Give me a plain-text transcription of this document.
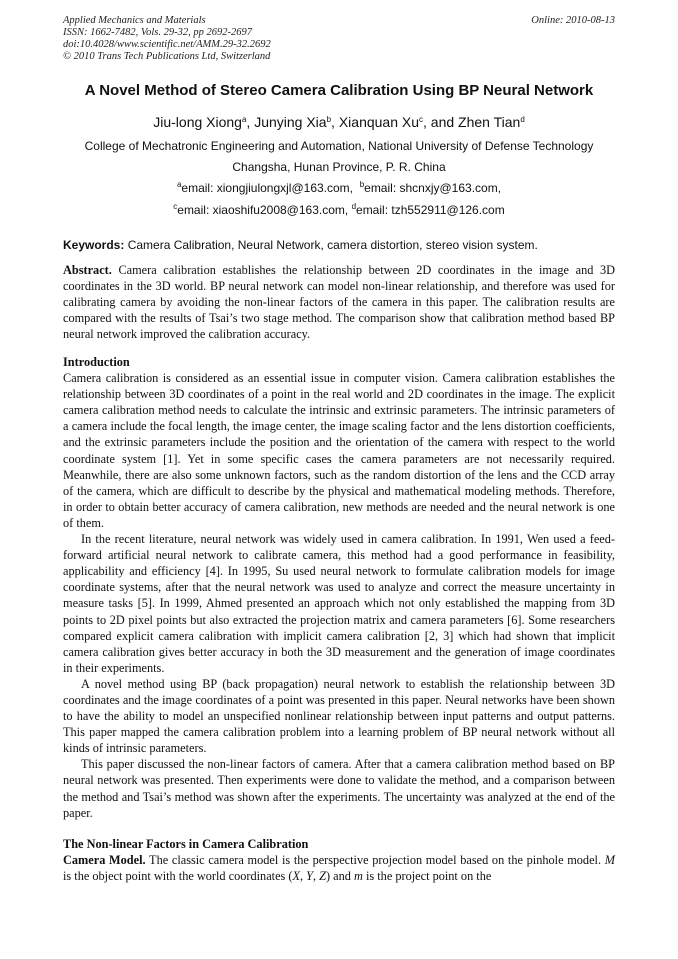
Applied Mechanics and Materials
ISSN: 1662-7482, Vols. 29-32, pp 2692-2697
doi:10.4028/www.scientific.net/AMM.29-32.2692
© 2010 Trans Tech Publications Ltd, Switzerland
Online: 2010-08-13
A Novel Method of Stereo Camera Calibration Using BP Neural Network
Jiu-long Xiong$^a$, Junying Xia$^b$, Xianquan Xu$^c$, and Zhen Tian$^d$
College of Mechatronic Engineering and Automation, National University of Defense Technology
Changsha, Hunan Province, P. R. China
$^a$email: xiongjiulongxjl@163.com, $^b$email: shcnxjy@163.com,
$^c$email: xiaoshifu2008@163.com, $^d$email: tzh552911@126.com
Keywords: Camera Calibration, Neural Network, camera distortion, stereo vision system.

Abstract. Camera calibration establishes the relationship between 2D coordinates in the image and 3D coordinates in the 3D world. BP neural network can model non-linear relationship, and therefore was used for calibrating camera by avoiding the non-linear factors of the camera in this paper. The calibration results are compared with the results of Tsai’s two stage method. The comparison show that calibration method based BP neural network improved the calibration accuracy.

Introduction

Camera calibration is considered as an essential issue in computer vision. Camera calibration establishes the relationship between 3D coordinates of a point in the real world and 2D coordinates in the image. The explicit camera calibration method needs to calculate the intrinsic and extrinsic parameters. The intrinsic parameters of a camera include the focal length, the image center, the image scaling factor and the lens distortion coefficients, and the extrinsic parameters include the position and the orientation of the camera with respect to the world coordinate system [1]. Yet in some specific cases the camera parameters are not necessarily required. Meanwhile, there are also some unknown factors, such as the random distortion of the lens and the CCD array of the camera, which are difficult to describe by the physical and mathematical modeling methods. Therefore, in order to obtain better accuracy of camera calibration, new methods are needed and the neural network is one of them.

In the recent literature, neural network was widely used in camera calibration. In 1991, Wen used a feed-forward artificial neural network to calibrate camera, this method had a good performance in feasibility, applicability and efficiency [4]. In 1995, Su used neural network to formulate calibration models for image coordinate systems, after that the neural network was used to analyze and correct the measure uncertainty in measure tasks [5]. In 1999, Ahmed presented an approach which not only established the mapping from 3D points to 2D pixel points but also extracted the projection matrix and camera parameters [6]. Some researchers compared explicit camera calibration with implicit camera calibration [2, 3] which had shown that implicit camera calibration gives better accuracy in both the 3D measurement and the generation of image coordinates in their experiments.

A novel method using BP (back propagation) neural network to establish the relationship between 3D coordinates and the image coordinates of a point was presented in this paper. Neural networks have been shown to have the ability to model an unspecified nonlinear relationship between input patterns and output patterns. This paper mapped the camera calibration problem into a learning problem of BP neural network without all kinds of intrinsic parameters.

This paper discussed the non-linear factors of camera. After that a camera calibration method based on BP neural network was presented. Then experiments were done to validate the method, and a comparison between the method and Tsai’s method was shown after the experiments. The uncertainty was analyzed at the end of the paper.

The Non-linear Factors in Camera Calibration

Camera Model. The classic camera model is the perspective projection model based on the pinhole model. M is the object point with the world coordinates (X, Y, Z) and m is the project point on the
